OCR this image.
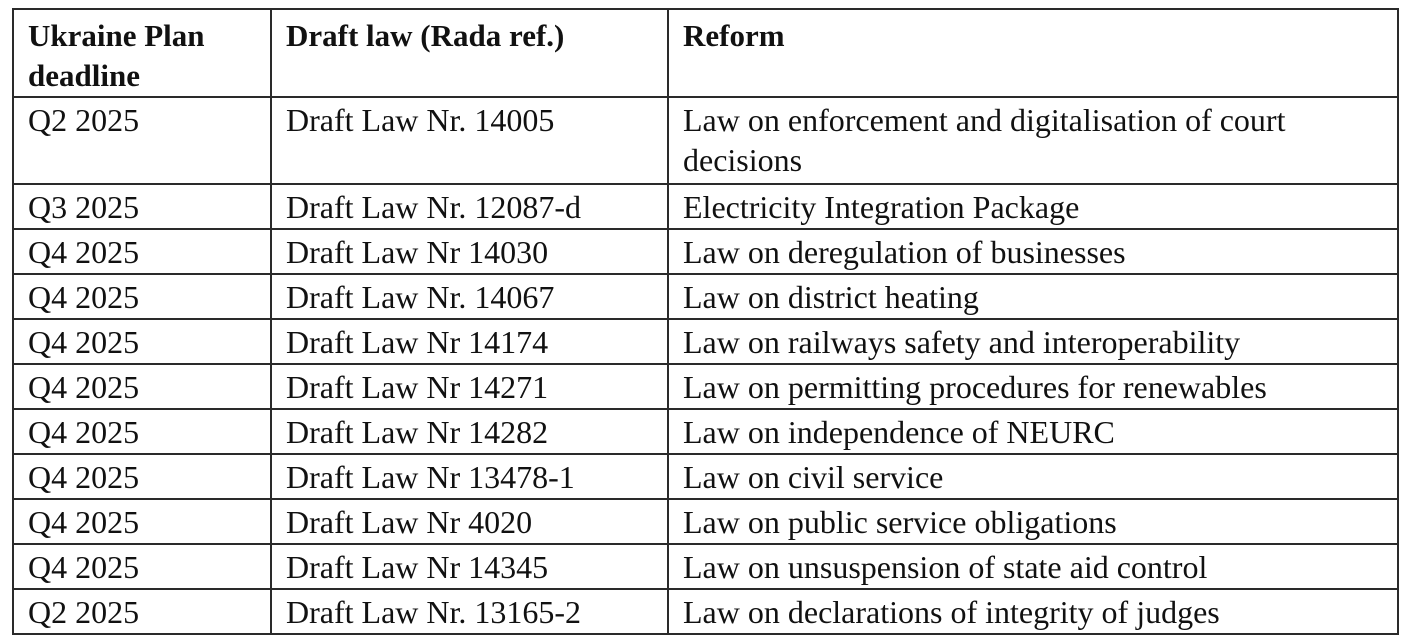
Ukraine Plan deadline	Draft law (Rada ref.)	Reform
Q2 2025	Draft Law Nr. 14005	Law on enforcement and digitalisation of court decisions
Q3 2025	Draft Law Nr. 12087-d	Electricity Integration Package
Q4 2025	Draft Law Nr 14030	Law on deregulation of businesses
Q4 2025	Draft Law Nr. 14067	Law on district heating
Q4 2025	Draft Law Nr 14174	Law on railways safety and interoperability
Q4 2025	Draft Law Nr 14271	Law on permitting procedures for renewables
Q4 2025	Draft Law Nr 14282	Law on independence of NEURC
Q4 2025	Draft Law Nr 13478-1	Law on civil service
Q4 2025	Draft Law Nr 4020	Law on public service obligations
Q4 2025	Draft Law Nr 14345	Law on unsuspension of state aid control
Q2 2025	Draft Law Nr. 13165-2	Law on declarations of integrity of judges
